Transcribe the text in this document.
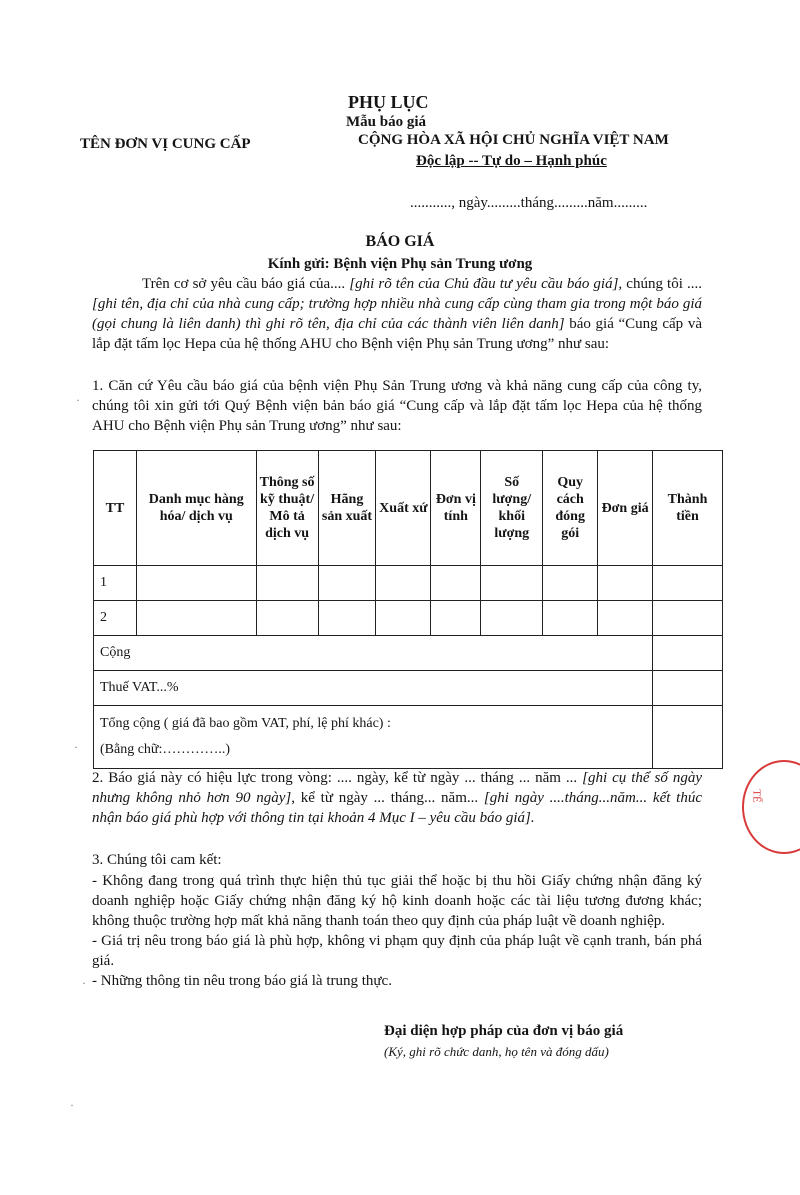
PHỤ LỤC
Mẫu báo giá
TÊN ĐƠN VỊ CUNG CẤP	CỘNG HÒA XÃ HỘI CHỦ NGHĨA VIỆT NAM
Độc lập -- Tự do – Hạnh phúc
..........., ngày.........tháng.........năm.........
BÁO GIÁ
Kính gửi: Bệnh viện Phụ sản Trung ương
Trên cơ sở yêu cầu báo giá của.... [ghi rõ tên của Chủ đầu tư yêu cầu báo giá], chúng tôi .... [ghi tên, địa chỉ của nhà cung cấp; trường hợp nhiều nhà cung cấp cùng tham gia trong một báo giá (gọi chung là liên danh) thì ghi rõ tên, địa chỉ của các thành viên liên danh] báo giá “Cung cấp và lắp đặt tấm lọc Hepa của hệ thống AHU cho Bệnh viện Phụ sản Trung ương” như sau:
1. Căn cứ Yêu cầu báo giá của bệnh viện Phụ Sản Trung ương và khả năng cung cấp của công ty, chúng tôi xin gửi tới Quý Bệnh viện bản báo giá “Cung cấp và lắp đặt tấm lọc Hepa của hệ thống AHU cho Bệnh viện Phụ sản Trung ương” như sau:
TT	Danh mục hàng hóa/ dịch vụ	Thông số kỹ thuật/ Mô tả dịch vụ	Hãng sản xuất	Xuất xứ	Đơn vị tính	Số lượng/ khối lượng	Quy cách đóng gói	Đơn giá	Thành tiền
1									
2									
Cộng									
Thuế VAT...%									

Tổng cộng ( giá đã bao gồm VAT, phí, lệ phí khác) :
(Bằng chữ:…………..)									

2. Báo giá này có hiệu lực trong vòng: .... ngày, kể từ ngày ... tháng ... năm ... [ghi cụ thể số ngày nhưng không nhỏ hơn 90 ngày], kể từ ngày ... tháng... năm... [ghi ngày ....tháng...năm... kết thúc nhận báo giá phù hợp với thông tin tại khoản 4 Mục I – yêu cầu báo giá].
3. Chúng tôi cam kết:
- Không đang trong quá trình thực hiện thủ tục giải thể hoặc bị thu hồi Giấy chứng nhận đăng ký doanh nghiệp hoặc Giấy chứng nhận đăng ký hộ kinh doanh hoặc các tài liệu tương đương khác; không thuộc trường hợp mất khả năng thanh toán theo quy định của pháp luật về doanh nghiệp.
- Giá trị nêu trong báo giá là phù hợp, không vi phạm quy định của pháp luật về cạnh tranh, bán phá giá.
- Những thông tin nêu trong báo giá là trung thực.
Đại diện hợp pháp của đơn vị báo giá
(Ký, ghi rõ chức danh, họ tên và đóng dấu)
TẾ
·
·
·
·
